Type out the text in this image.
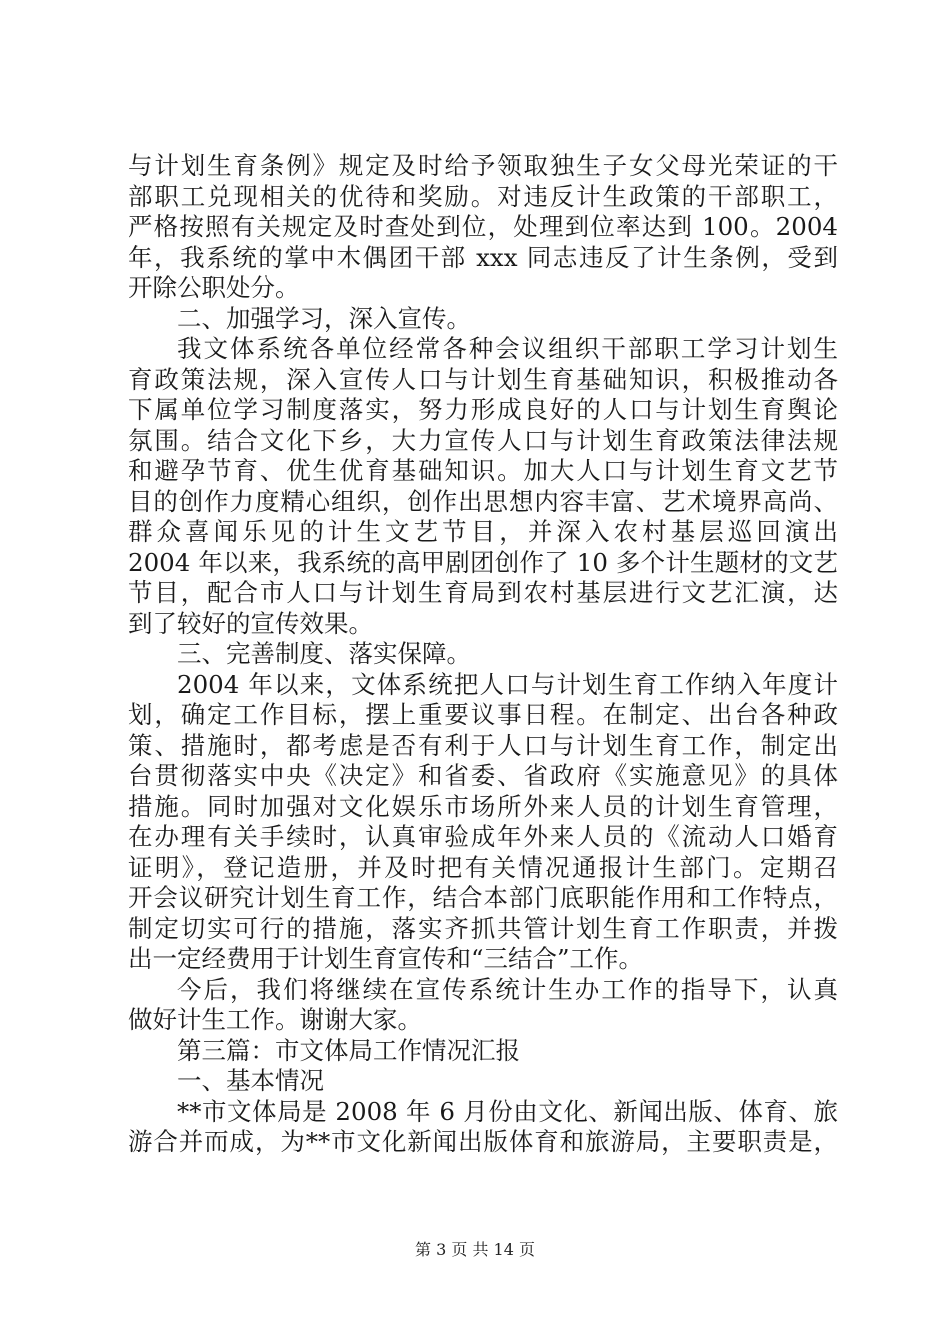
与计划生育条例》规定及时给予领取独生子女父母光荣证的干
部职工兑现相关的优待和奖励。对违反计生政策的干部职工，
严格按照有关规定及时查处到位，处理到位率达到 100。2004
年，我系统的掌中木偶团干部 xxx 同志违反了计生条例，受到
开除公职处分。
二、加强学习，深入宣传。
我文体系统各单位经常各种会议组织干部职工学习计划生
育政策法规，深入宣传人口与计划生育基础知识，积极推动各
下属单位学习制度落实，努力形成良好的人口与计划生育舆论
氛围。结合文化下乡，大力宣传人口与计划生育政策法律法规
和避孕节育、优生优育基础知识。加大人口与计划生育文艺节
目的创作力度精心组织，创作出思想内容丰富、艺术境界高尚、
群众喜闻乐见的计生文艺节目，并深入农村基层巡回演出
2004 年以来，我系统的高甲剧团创作了 10 多个计生题材的文艺
节目，配合市人口与计划生育局到农村基层进行文艺汇演，达
到了较好的宣传效果。
三、完善制度、落实保障。
2004 年以来，文体系统把人口与计划生育工作纳入年度计
划，确定工作目标，摆上重要议事日程。在制定、出台各种政
策、措施时，都考虑是否有利于人口与计划生育工作，制定出
台贯彻落实中央《决定》和省委、省政府《实施意见》的具体
措施。同时加强对文化娱乐市场所外来人员的计划生育管理，
在办理有关手续时，认真审验成年外来人员的《流动人口婚育
证明》，登记造册，并及时把有关情况通报计生部门。定期召
开会议研究计划生育工作，结合本部门底职能作用和工作特点，
制定切实可行的措施，落实齐抓共管计划生育工作职责，并拨
出一定经费用于计划生育宣传和“三结合”工作。
今后，我们将继续在宣传系统计生办工作的指导下，认真
做好计生工作。谢谢大家。
第三篇：市文体局工作情况汇报
一、基本情况
**市文体局是 2008 年 6 月份由文化、新闻出版、体育、旅
游合并而成，为**市文化新闻出版体育和旅游局，主要职责是，
第 3 页 共 14 页
